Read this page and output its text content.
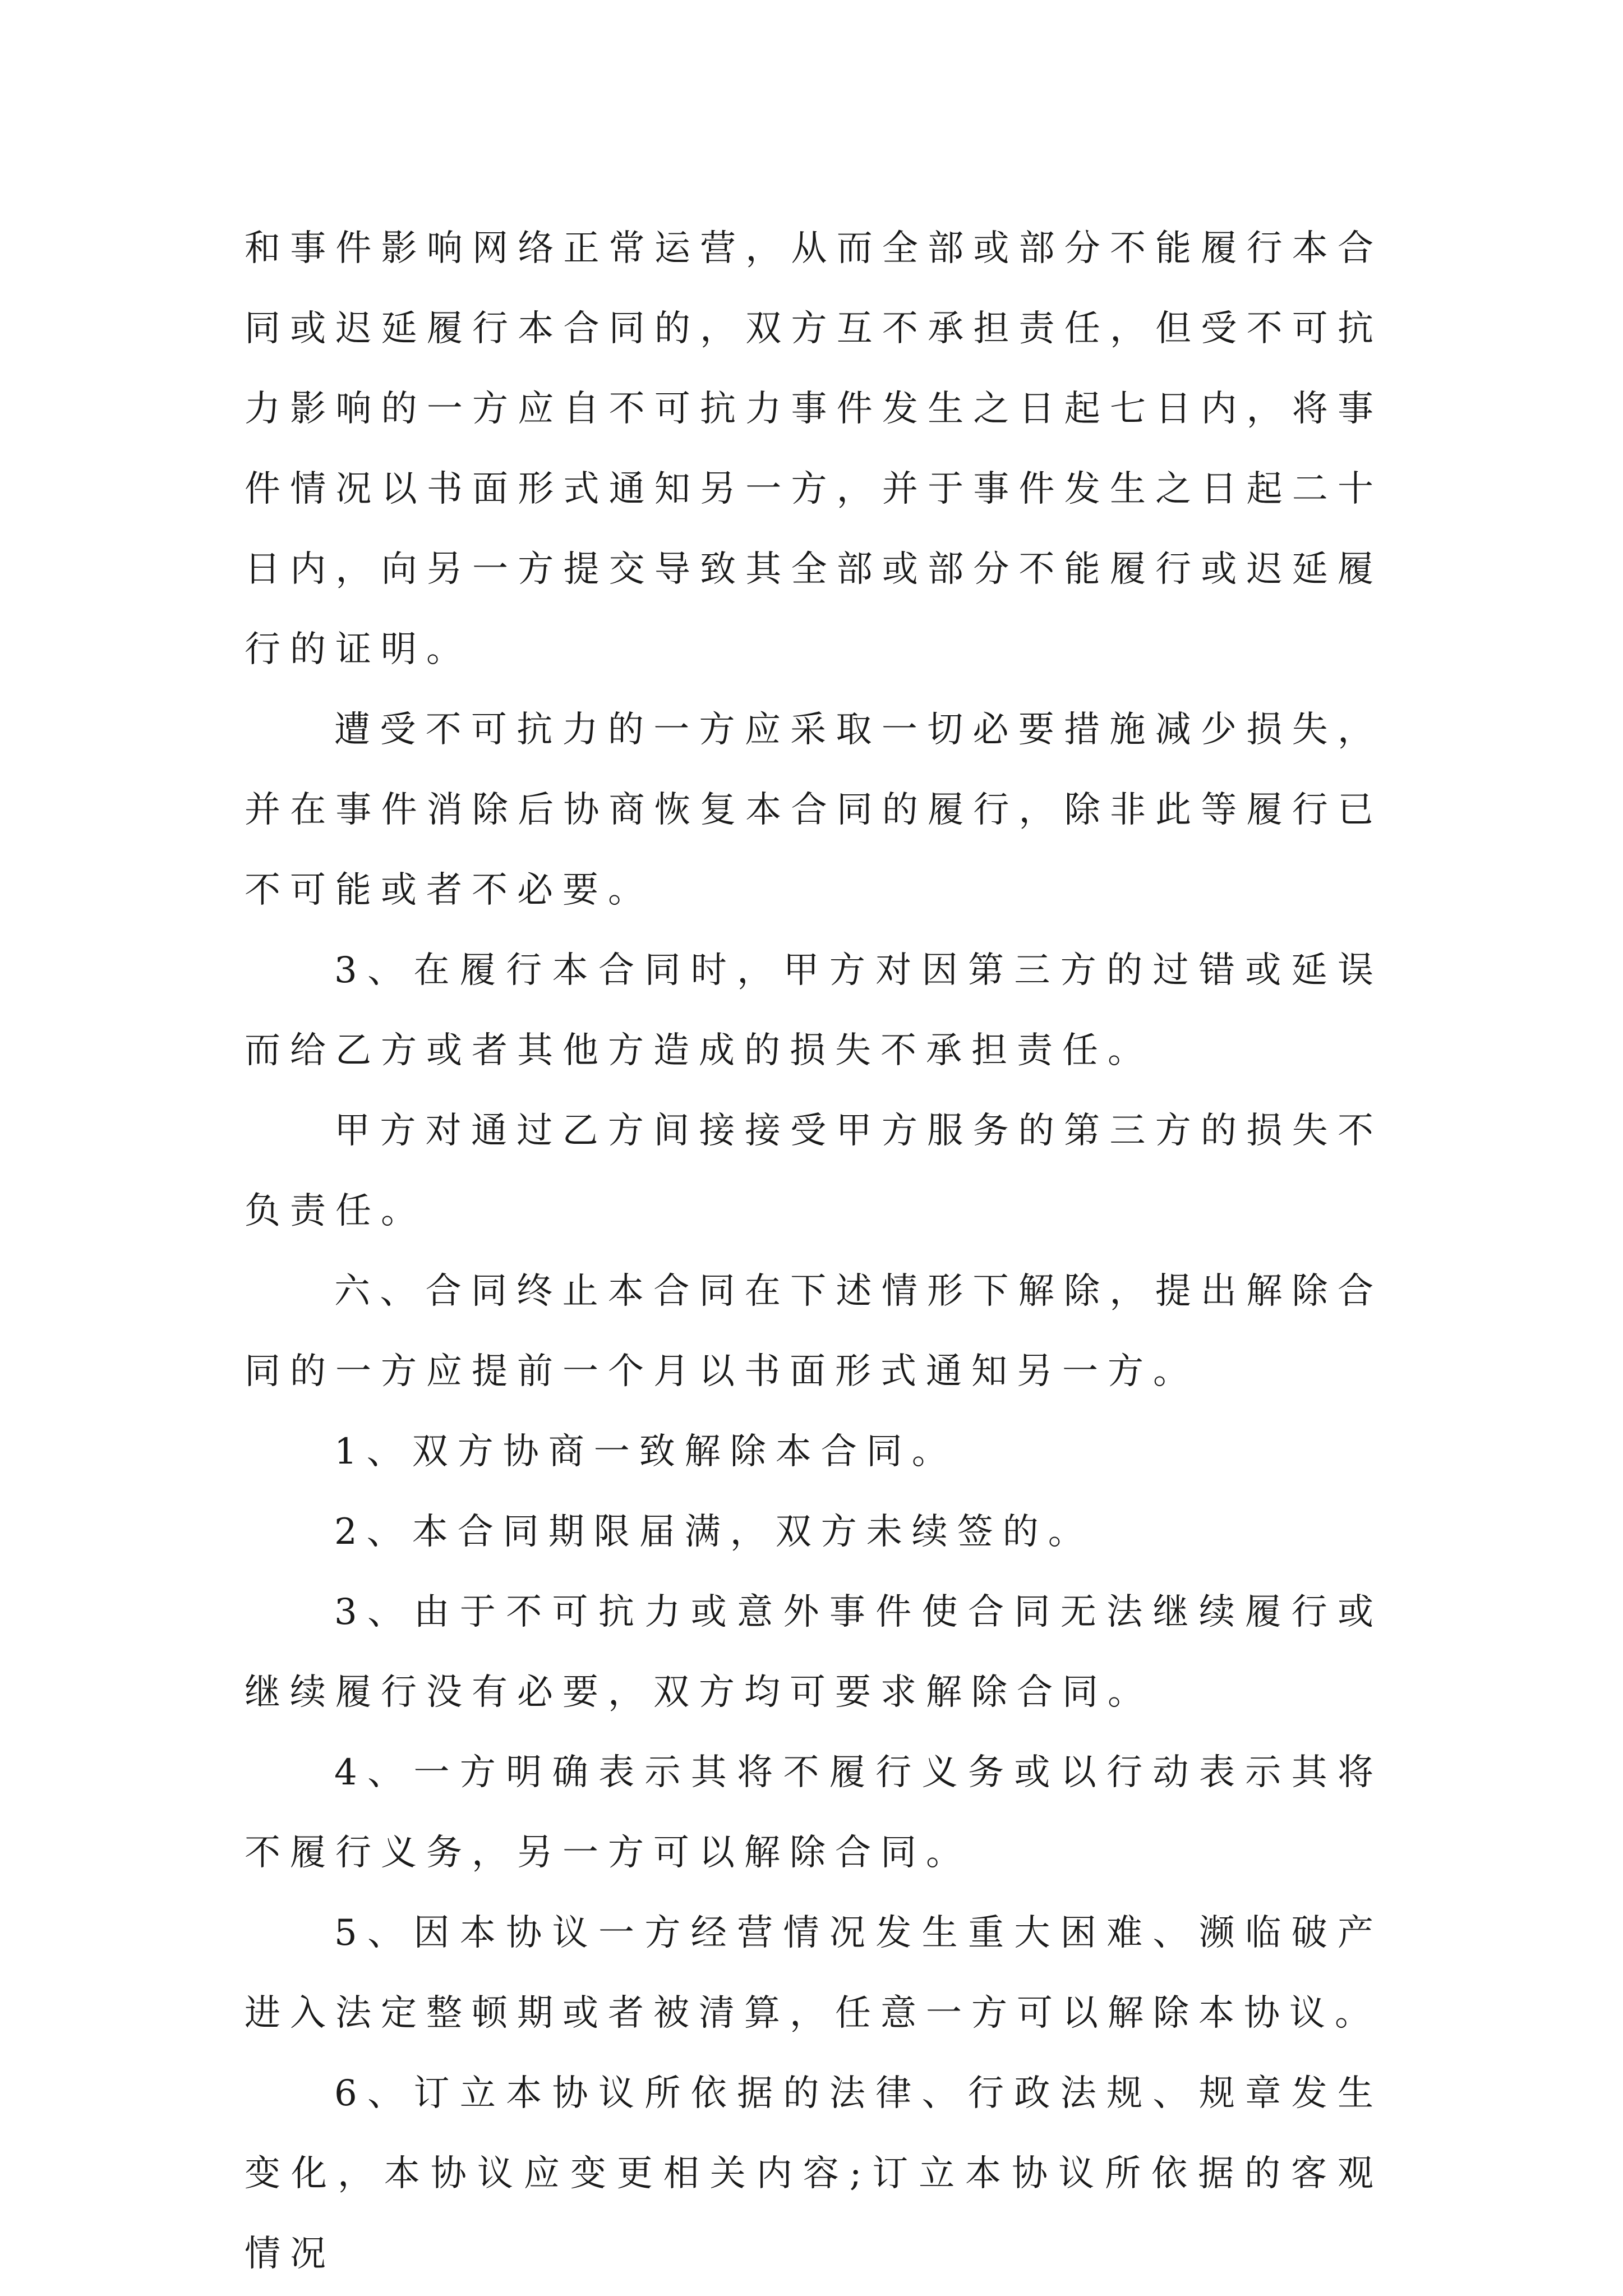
和事件影响网络正常运营，从而全部或部分不能履行本合同或迟延履行本合同的，双方互不承担责任，但受不可抗力影响的一方应自不可抗力事件发生之日起七日内，将事件情况以书面形式通知另一方，并于事件发生之日起二十日内，向另一方提交导致其全部或部分不能履行或迟延履行的证明。

遭受不可抗力的一方应采取一切必要措施减少损失，并在事件消除后协商恢复本合同的履行，除非此等履行已不可能或者不必要。

3、在履行本合同时，甲方对因第三方的过错或延误而给乙方或者其他方造成的损失不承担责任。

甲方对通过乙方间接接受甲方服务的第三方的损失不负责任。

六、合同终止本合同在下述情形下解除，提出解除合同的一方应提前一个月以书面形式通知另一方。

1、双方协商一致解除本合同。

2、本合同期限届满，双方未续签的。

3、由于不可抗力或意外事件使合同无法继续履行或继续履行没有必要，双方均可要求解除合同。

4、一方明确表示其将不履行义务或以行动表示其将不履行义务，另一方可以解除合同。

5、因本协议一方经营情况发生重大困难、濒临破产进入法定整顿期或者被清算，任意一方可以解除本协议。

6、订立本协议所依据的法律、行政法规、规章发生变化，本协议应变更相关内容;订立本协议所依据的客观情况
